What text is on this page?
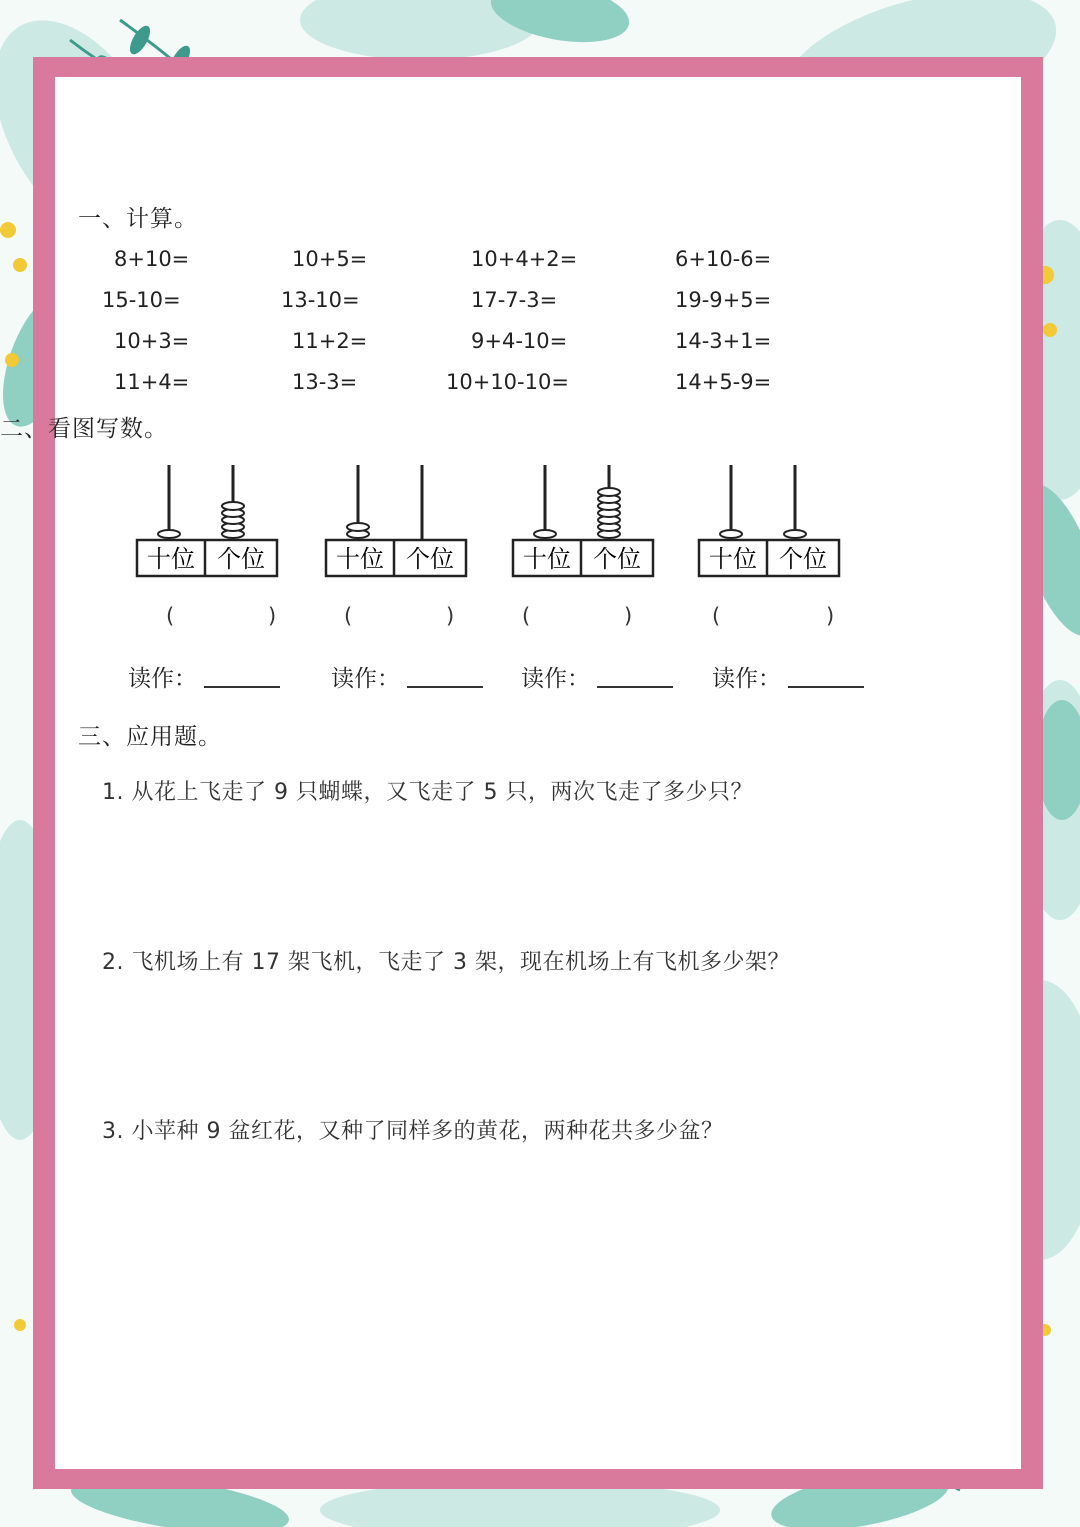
一、计算。
8+10=	10+5=	10+4+2=	6+10-6=
15-10=	13-10=	17-7-3=	19-9+5=
10+3=	11+2=	9+4-10=	14-3+1=
11+4=	13-3=	10+10-10=	14+5-9=
二、看图写数。
十位 个位	十位 个位	十位 个位	十位 个位
(	)	(	)	(	)	(	)
读作：	读作：	读作：	读作：
三、应用题。
1. 从花上飞走了 9 只蝴蝶，又飞走了 5 只，两次飞走了多少只？
2. 飞机场上有 17 架飞机，飞走了 3 架，现在机场上有飞机多少架？
3. 小苹种 9 盆红花，又种了同样多的黄花，两种花共多少盆？
